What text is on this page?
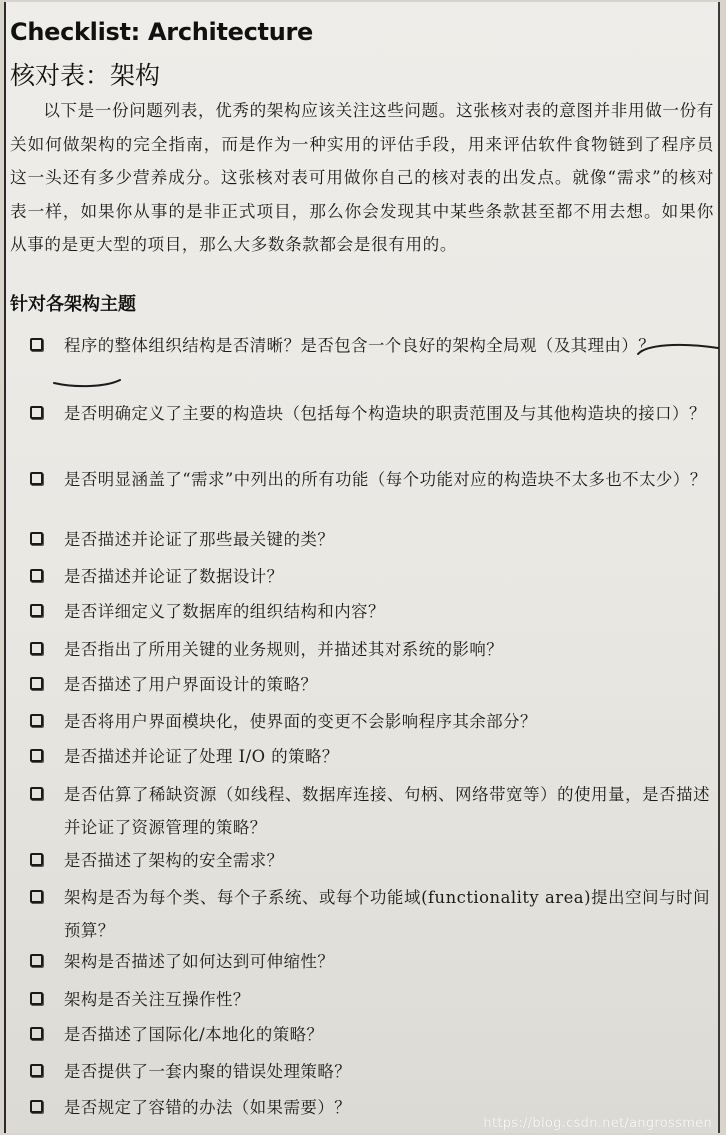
Checklist: Architecture
核对表：架构

以下是一份问题列表，优秀的架构应该关注这些问题。这张核对表的意图并非用做一份有关如何做架构的完全指南，而是作为一种实用的评估手段，用来评估软件食物链到了程序员这一头还有多少营养成分。这张核对表可用做你自己的核对表的出发点。就像“需求”的核对表一样，如果你从事的是非正式项目，那么你会发现其中某些条款甚至都不用去想。如果你从事的是更大型的项目，那么大多数条款都会是很有用的。

针对各架构主题
程序的整体组织结构是否清晰？是否包含一个良好的架构全局观（及其理由）？
是否明确定义了主要的构造块（包括每个构造块的职责范围及与其他构造块的接口）？
是否明显涵盖了“需求”中列出的所有功能（每个功能对应的构造块不太多也不太少）？
是否描述并论证了那些最关键的类？
是否描述并论证了数据设计？
是否详细定义了数据库的组织结构和内容？
是否指出了所用关键的业务规则，并描述其对系统的影响？
是否描述了用户界面设计的策略？
是否将用户界面模块化，使界面的变更不会影响程序其余部分？
是否描述并论证了处理 I/O 的策略？
是否估算了稀缺资源（如线程、数据库连接、句柄、网络带宽等）的使用量，是否描述并论证了资源管理的策略？
是否描述了架构的安全需求？
架构是否为每个类、每个子系统、或每个功能域(functionality area)提出空间与时间预算？
架构是否描述了如何达到可伸缩性？
架构是否关注互操作性？
是否描述了国际化/本地化的策略？
是否提供了一套内聚的错误处理策略？
是否规定了容错的办法（如果需要）？
https://blog.csdn.net/angrossmen
